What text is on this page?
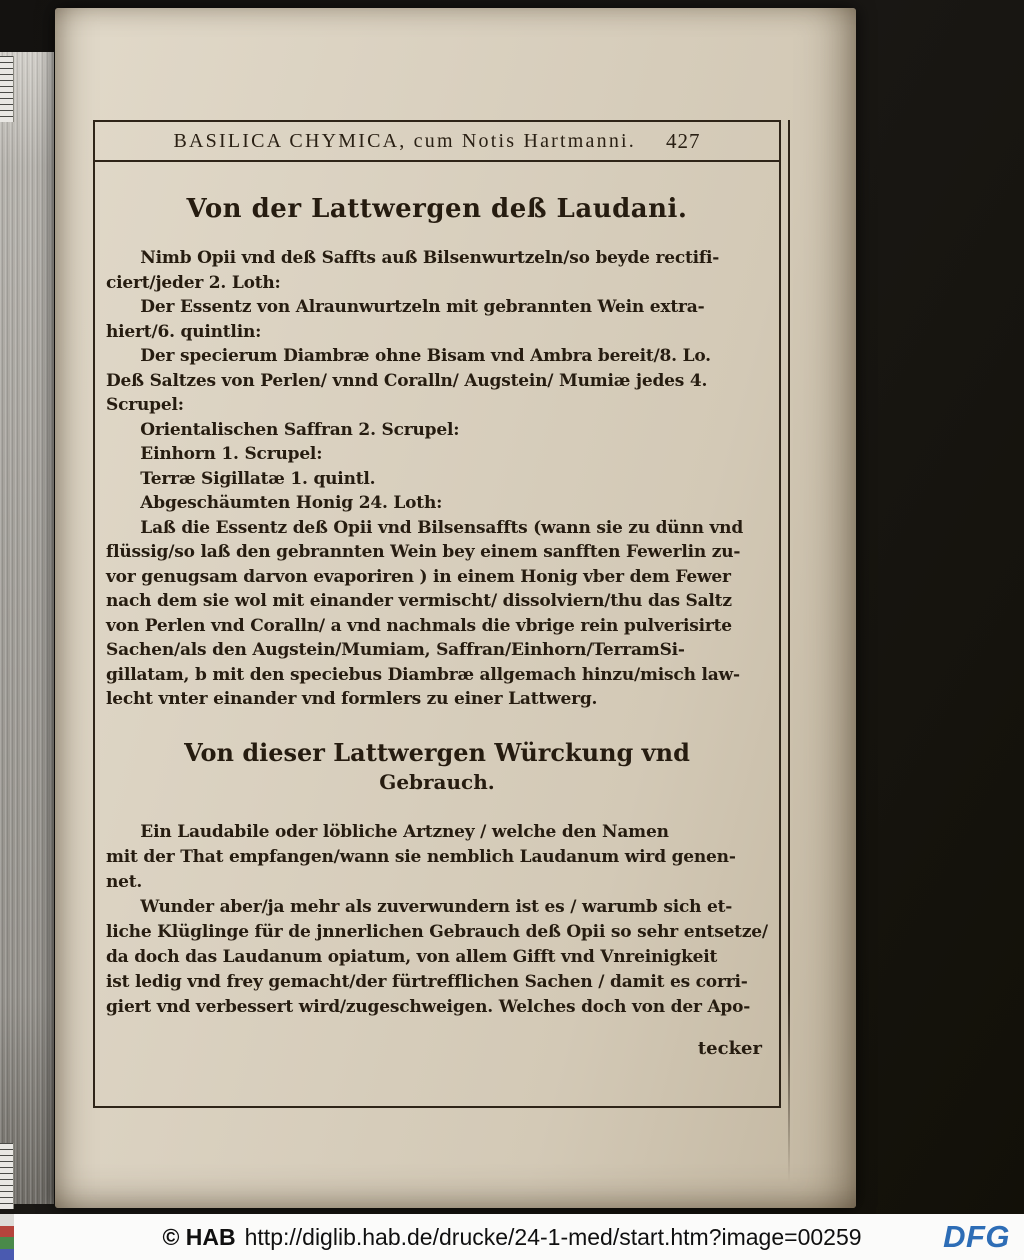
BASILICA CHYMICA, cum Notis Hartmanni. 427
Von der Lattwergen deß Laudani.
Nimb Opii vnd deß Saffts auß Bilsenwurtzeln/so beyde rectifi-
ciert/jeder 2. Loth:
Der Essentz von Alraunwurtzeln mit gebrannten Wein extra-
hiert/6. quintlin:
Der specierum Diambræ ohne Bisam vnd Ambra bereit/8. Lo.
Deß Saltzes von Perlen/ vnnd Coralln/ Augstein/ Mumiæ jedes 4.
Scrupel:
Orientalischen Saffran 2. Scrupel:
Einhorn 1. Scrupel:
Terræ Sigillatæ 1. quintl.
Abgeschäumten Honig 24. Loth:
Laß die Essentz deß Opii vnd Bilsensaffts (wann sie zu dünn vnd
flüssig/so laß den gebrannten Wein bey einem sanfften Fewerlin zu-
vor genugsam darvon evaporiren ) in einem Honig vber dem Fewer
nach dem sie wol mit einander vermischt/ dissolviern/thu das Saltz
von Perlen vnd Coralln/ a vnd nachmals die vbrige rein pulverisirte
Sachen/als den Augstein/Mumiam, Saffran/Einhorn/TerramSi-
gillatam, b mit den speciebus Diambræ allgemach hinzu/misch law-
lecht vnter einander vnd formlers zu einer Lattwerg.
Von dieser Lattwergen Würckung vnd
Gebrauch.
Ein Laudabile oder löbliche Artzney / welche den Namen
mit der That empfangen/wann sie nemblich Laudanum wird genen-
net.
Wunder aber/ja mehr als zuverwundern ist es / warumb sich et-
liche Klüglinge für de jnnerlichen Gebrauch deß Opii so sehr entsetze/
da doch das Laudanum opiatum, von allem Gifft vnd Vnreinigkeit
ist ledig vnd frey gemacht/der fürtrefflichen Sachen / damit es corri-
giert vnd verbessert wird/zugeschweigen. Welches doch von der Apo-
tecker
© HAB http://diglib.hab.de/drucke/24-1-med/start.htm?image=00259	DFG
